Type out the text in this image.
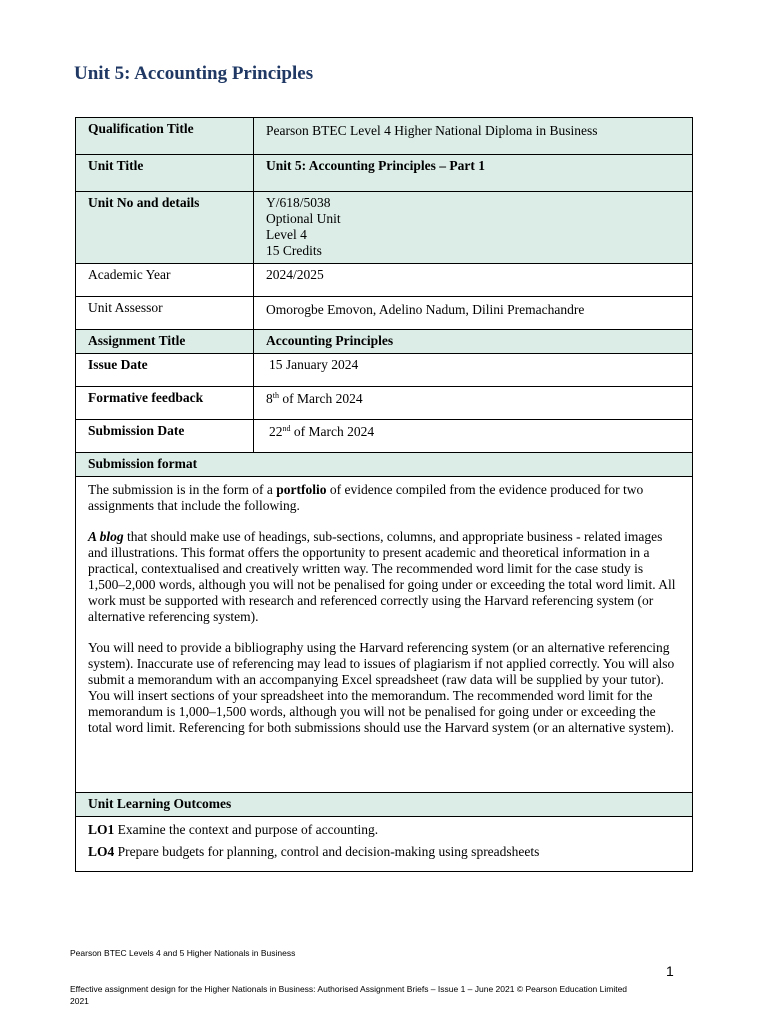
Unit 5: Accounting Principles
Qualification Title	Pearson BTEC Level 4 Higher National Diploma in Business
Unit Title	Unit 5: Accounting Principles – Part 1
Unit No and details	Y/618/5038
Optional Unit
Level 4
15 Credits

Academic Year	2024/2025
Unit Assessor	Omorogbe Emovon, Adelino Nadum, Dilini Premachandre
Assignment Title	Accounting Principles
Issue Date	15 January 2024
Formative feedback	8th of March 2024
Submission Date	22nd of March 2024
Submission format	

The submission is in the form of a portfolio of evidence compiled from the evidence produced for two assignments that include the following.

A blog that should make use of headings, sub-sections, columns, and appropriate business - related images and illustrations. This format offers the opportunity to present academic and theoretical information in a practical, contextualised and creatively written way. The recommended word limit for the case study is 1,500–2,000 words, although you will not be penalised for going under or exceeding the total word limit. All work must be supported with research and referenced correctly using the Harvard referencing system (or alternative referencing system).

You will need to provide a bibliography using the Harvard referencing system (or an alternative referencing system). Inaccurate use of referencing may lead to issues of plagiarism if not applied correctly. You will also submit a memorandum with an accompanying Excel spreadsheet (raw data will be supplied by your tutor). You will insert sections of your spreadsheet into the memorandum. The recommended word limit for the memorandum is 1,000–1,500 words, although you will not be penalised for going under or exceeding the total word limit. Referencing for both submissions should use the Harvard system (or an alternative system).	

Unit Learning Outcomes	

LO1 Examine the context and purpose of accounting.
LO4 Prepare budgets for planning, control and decision-making using spreadsheets	
Pearson BTEC Levels 4 and 5 Higher Nationals in Business
1
Effective assignment design for the Higher Nationals in Business: Authorised Assignment Briefs – Issue 1 – June 2021 © Pearson Education Limited 2021
